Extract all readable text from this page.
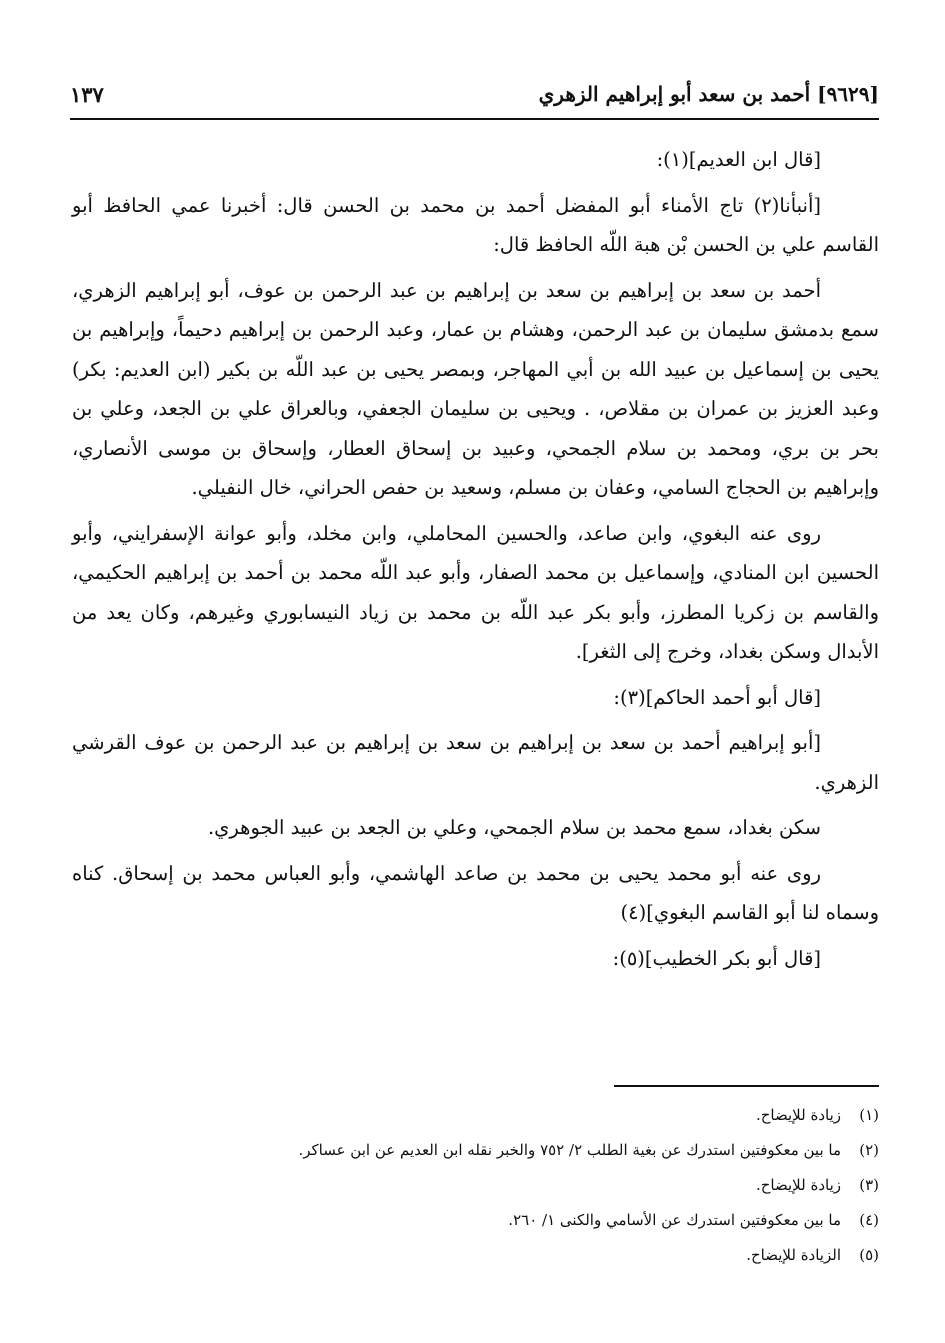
[٩٦٢٩] أحمد بن سعد أبو إبراهيم الزهري
١٣٧

[قال ابن العديم](١):

[أنبأنا(٢) تاج الأمناء أبو المفضل أحمد بن محمد بن الحسن قال: أخبرنا عمي الحافظ أبو القاسم علي بن الحسن بْن هبة اللّه الحافظ قال:

أحمد بن سعد بن إبراهيم بن سعد بن إبراهيم بن عبد الرحمن بن عوف، أبو إبراهيم الزهري، سمع بدمشق سليمان بن عبد الرحمن، وهشام بن عمار، وعبد الرحمن بن إبراهيم دحيماً، وإبراهيم بن يحيى بن إسماعيل بن عبيد الله بن أبي المهاجر، وبمصر يحيى بن عبد اللّه بن بكير (ابن العديم: بكر) وعبد العزيز بن عمران بن مقلاص، . ويحيى بن سليمان الجعفي، وبالعراق علي بن الجعد، وعلي بن بحر بن بري، ومحمد بن سلام الجمحي، وعبيد بن إسحاق العطار، وإسحاق بن موسى الأنصاري، وإبراهيم بن الحجاج السامي، وعفان بن مسلم، وسعيد بن حفص الحراني، خال النفيلي.

روى عنه البغوي، وابن صاعد، والحسين المحاملي، وابن مخلد، وأبو عوانة الإسفرايني، وأبو الحسين ابن المنادي، وإسماعيل بن محمد الصفار، وأبو عبد اللّه محمد بن أحمد بن إبراهيم الحكيمي، والقاسم بن زكريا المطرز، وأبو بكر عبد اللّه بن محمد بن زياد النيسابوري وغيرهم، وكان يعد من الأبدال وسكن بغداد، وخرج إلى الثغر].

[قال أبو أحمد الحاكم](٣):

[أبو إبراهيم أحمد بن سعد بن إبراهيم بن سعد بن إبراهيم بن عبد الرحمن بن عوف القرشي الزهري.

سكن بغداد، سمع محمد بن سلام الجمحي، وعلي بن الجعد بن عبيد الجوهري.

روى عنه أبو محمد يحيى بن محمد بن صاعد الهاشمي، وأبو العباس محمد بن إسحاق. كناه وسماه لنا أبو القاسم البغوي](٤)

[قال أبو بكر الخطيب](٥):

(١)
زيادة للإيضاح.
(٢)
ما بين معكوفتين استدرك عن بغية الطلب ٢/ ٧٥٢ والخبر نقله ابن العديم عن ابن عساكر.
(٣)
زيادة للإيضاح.
(٤)
ما بين معكوفتين استدرك عن الأسامي والكنى ١/ ٢٦٠.
(٥)
الزيادة للإيضاح.
